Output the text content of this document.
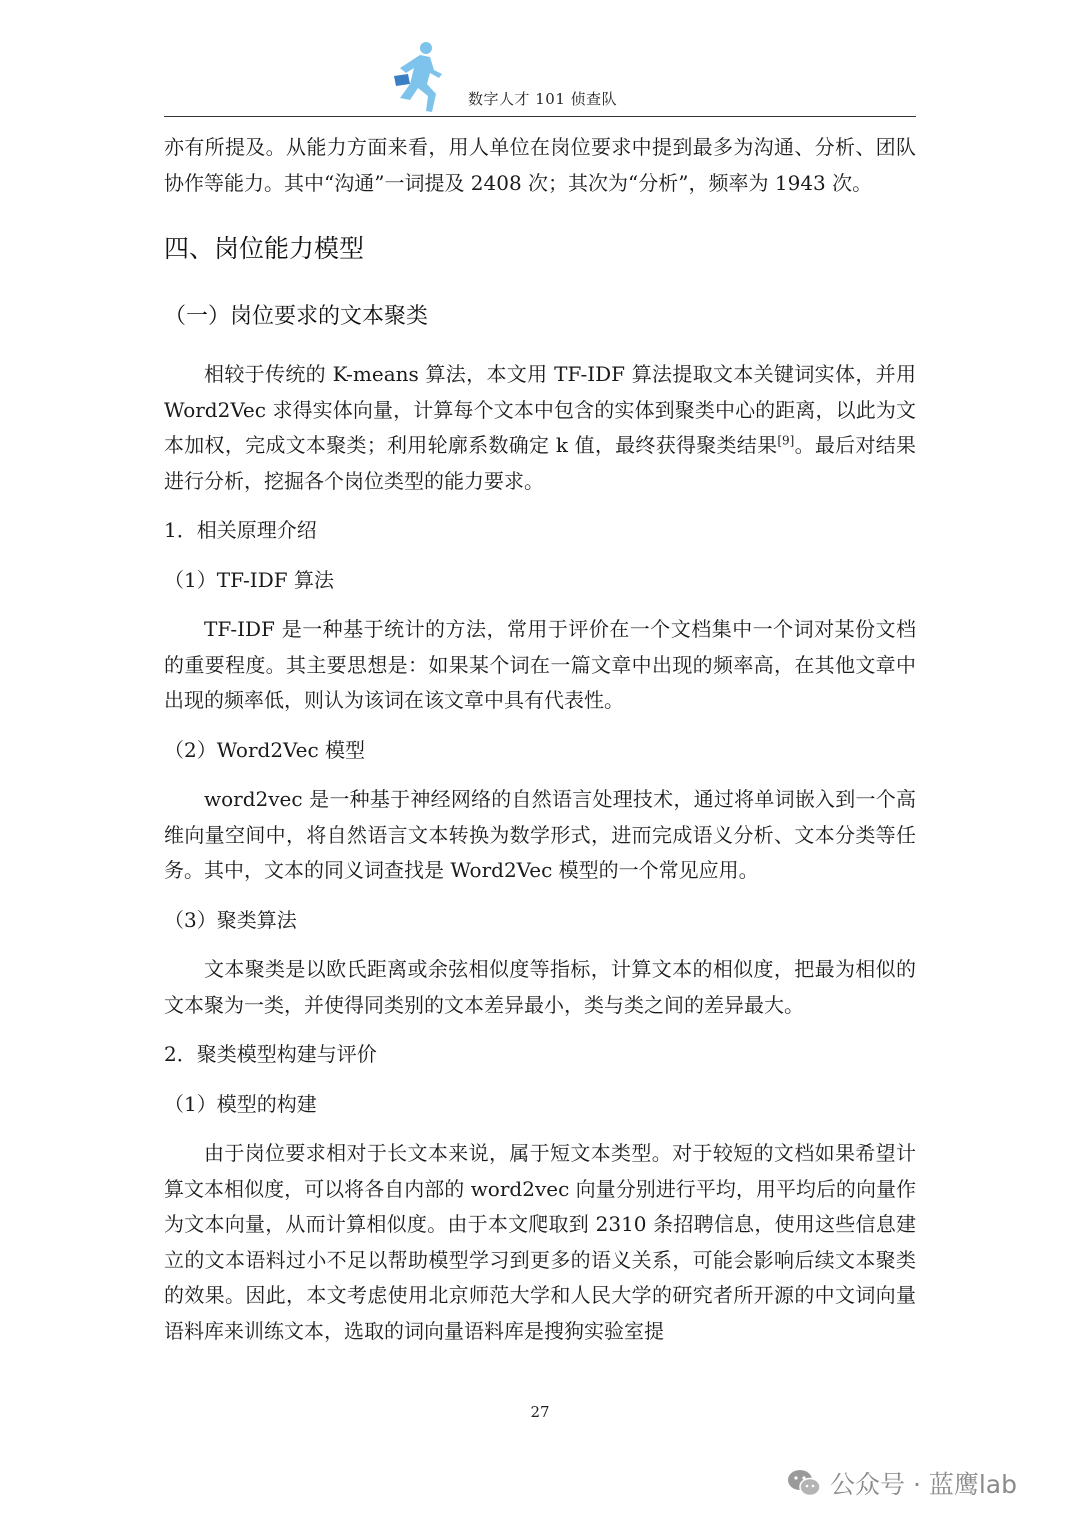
数字人才 101 侦查队

亦有所提及。从能力方面来看，用人单位在岗位要求中提到最多为沟通、分析、团队协作等能力。其中“沟通”一词提及 2408 次；其次为“分析”，频率为 1943 次。

四、岗位能力模型
（一）岗位要求的文本聚类

相较于传统的 K-means 算法，本文用 TF-IDF 算法提取文本关键词实体，并用 Word2Vec 求得实体向量，计算每个文本中包含的实体到聚类中心的距离，以此为文本加权，完成文本聚类；利用轮廓系数确定 k 值，最终获得聚类结果[9]。最后对结果进行分析，挖掘各个岗位类型的能力要求。

1．相关原理介绍
（1）TF-IDF 算法

TF-IDF 是一种基于统计的方法，常用于评价在一个文档集中一个词对某份文档的重要程度。其主要思想是：如果某个词在一篇文章中出现的频率高，在其他文章中出现的频率低，则认为该词在该文章中具有代表性。

（2）Word2Vec 模型

word2vec 是一种基于神经网络的自然语言处理技术，通过将单词嵌入到一个高维向量空间中，将自然语言文本转换为数学形式，进而完成语义分析、文本分类等任务。其中，文本的同义词查找是 Word2Vec 模型的一个常见应用。

（3）聚类算法

文本聚类是以欧氏距离或余弦相似度等指标，计算文本的相似度，把最为相似的文本聚为一类，并使得同类别的文本差异最小，类与类之间的差异最大。

2．聚类模型构建与评价
（1）模型的构建

由于岗位要求相对于长文本来说，属于短文本类型。对于较短的文档如果希望计算文本相似度，可以将各自内部的 word2vec 向量分别进行平均，用平均后的向量作为文本向量，从而计算相似度。由于本文爬取到 2310 条招聘信息，使用这些信息建立的文本语料过小不足以帮助模型学习到更多的语义关系，可能会影响后续文本聚类的效果。因此，本文考虑使用北京师范大学和人民大学的研究者所开源的中文词向量语料库来训练文本，选取的词向量语料库是搜狗实验室提

27
公众号 · 蓝鹰lab
